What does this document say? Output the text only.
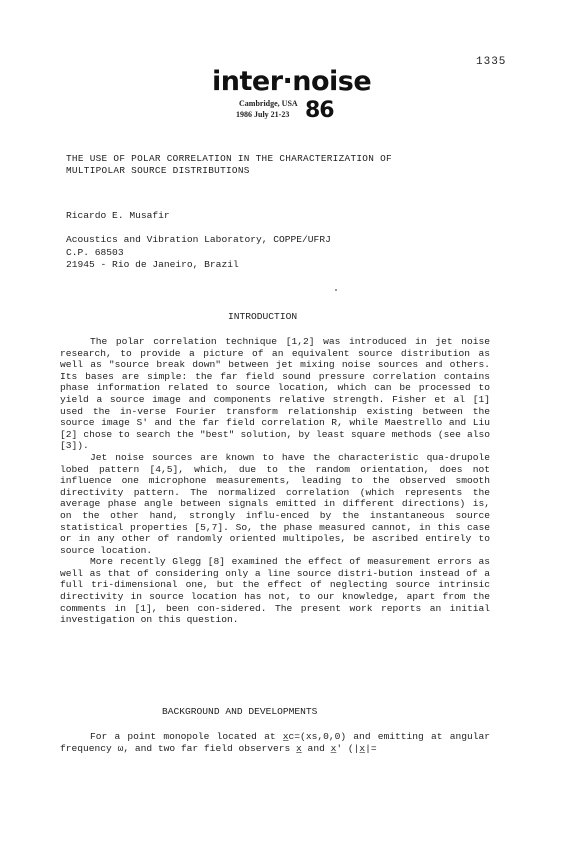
1335
inter·noise
Cambridge, USA
1986 July 21-23 86
THE USE OF POLAR CORRELATION IN THE CHARACTERIZATION OF
MULTIPOLAR SOURCE DISTRIBUTIONS
Ricardo E. Musafir
Acoustics and Vibration Laboratory, COPPE/UFRJ
C.P. 68503
21945 - Rio de Janeiro, Brazil
INTRODUCTION

The polar correlation technique [1,2] was introduced in jet noise research, to provide a picture of an equivalent source distribution as well as "source break down" between jet mixing noise sources and others. Its bases are simple: the far field sound pressure correlation contains phase information related to source location, which can be processed to yield a source image and components relative strength. Fisher et al [1] used the in-verse Fourier transform relationship existing between the source image S' and the far field correlation R, while Maestrello and Liu [2] chose to search the "best" solution, by least square methods (see also [3]).

Jet noise sources are known to have the characteristic qua-drupole lobed pattern [4,5], which, due to the random orientation, does not influence one microphone measurements, leading to the observed smooth directivity pattern. The normalized correlation (which represents the average phase angle between signals emitted in different directions) is, on the other hand, strongly influ-enced by the instantaneous source statistical properties [5,7]. So, the phase measured cannot, in this case or in any other of randomly oriented multipoles, be ascribed entirely to source location.

More recently Glegg [8] examined the effect of measurement errors as well as that of considering only a line source distri-bution instead of a full tri-dimensional one, but the effect of neglecting source intrinsic directivity in source location has not, to our knowledge, apart from the comments in [1], been con-sidered. The present work reports an initial investigation on this question.

BACKGROUND AND DEVELOPMENTS

For a point monopole located at x̲c=(xs,0,0) and emitting at angular frequency ω, and two far field observers x̲ and x̲' (|x̲|=
